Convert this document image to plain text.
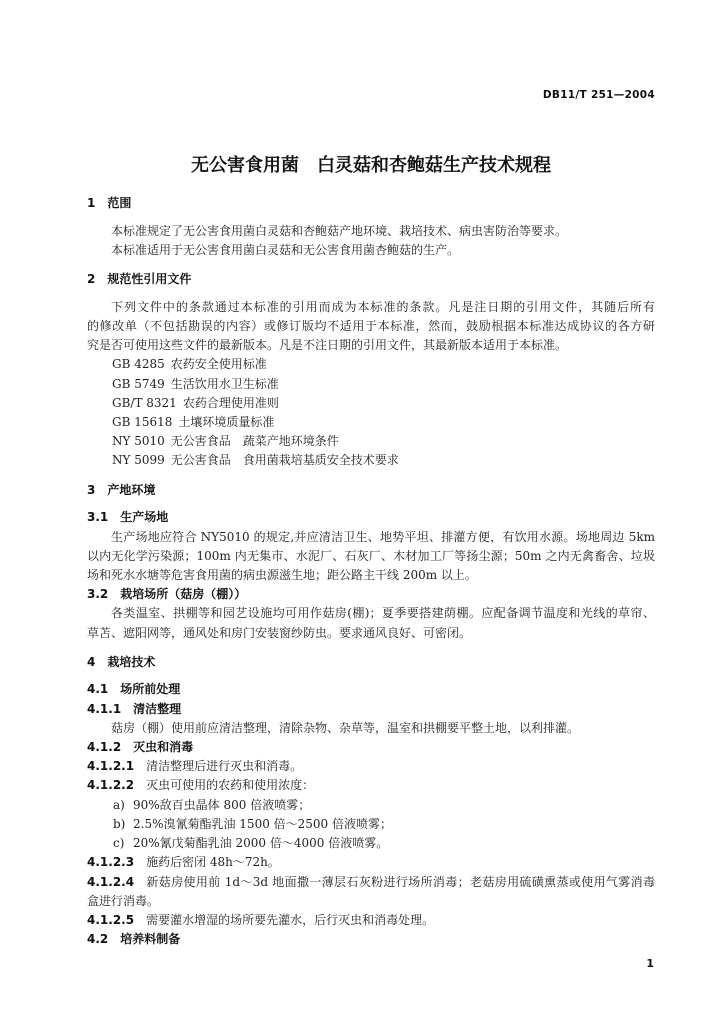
DB11/T 251—2004
无公害食用菌　白灵菇和杏鲍菇生产技术规程
1 范围

本标准规定了无公害食用菌白灵菇和杏鲍菇产地环境、栽培技术、病虫害防治等要求。

本标准适用于无公害食用菌白灵菇和无公害食用菌杏鲍菇的生产。

2 规范性引用文件

下列文件中的条款通过本标准的引用而成为本标准的条款。凡是注日期的引用文件，其随后所有

的修改单（不包括勘误的内容）或修订版均不适用于本标准，然而，鼓励根据本标准达成协议的各方研

究是否可使用这些文件的最新版本。凡是不注日期的引用文件，其最新版本适用于本标准。

GB 4285 农药安全使用标准

GB 5749 生活饮用水卫生标准

GB/T 8321 农药合理使用准则

GB 15618 土壤环境质量标准

NY 5010 无公害食品　蔬菜产地环境条件

NY 5099 无公害食品　食用菌栽培基质安全技术要求

3 产地环境
3.1 生产场地

生产场地应符合 NY5010 的规定,并应清洁卫生、地势平坦、排灌方便，有饮用水源。场地周边 5km

以内无化学污染源；100m 内无集市、水泥厂、石灰厂、木材加工厂等扬尘源；50m 之内无禽畜舍、垃圾

场和死水水塘等危害食用菌的病虫源滋生地；距公路主干线 200m 以上。

3.2 栽培场所（菇房（棚））

各类温室、拱棚等和园艺设施均可用作菇房(棚)；夏季要搭建荫棚。应配备调节温度和光线的草帘、

草苫、遮阳网等，通风处和房门安装窗纱防虫。要求通风良好、可密闭。

4 栽培技术
4.1 场所前处理
4.1.1 清洁整理

菇房（棚）使用前应清洁整理，清除杂物、杂草等，温室和拱棚要平整土地，以利排灌。

4.1.2 灭虫和消毒

4.1.2.1 清洁整理后进行灭虫和消毒。

4.1.2.2 灭虫可使用的农药和使用浓度：

a) 90%敌百虫晶体 800 倍液喷雾；

b) 2.5%溴氰菊酯乳油 1500 倍～2500 倍液喷雾；

c) 20%氰戊菊酯乳油 2000 倍～4000 倍液喷雾。

4.1.2.3 施药后密闭 48h～72h。

4.1.2.4 新菇房使用前 1d～3d 地面撒一薄层石灰粉进行场所消毒；老菇房用硫磺熏蒸或使用气雾消毒

盒进行消毒。

4.1.2.5 需要灌水增湿的场所要先灌水，后行灭虫和消毒处理。

4.2 培养料制备
1
